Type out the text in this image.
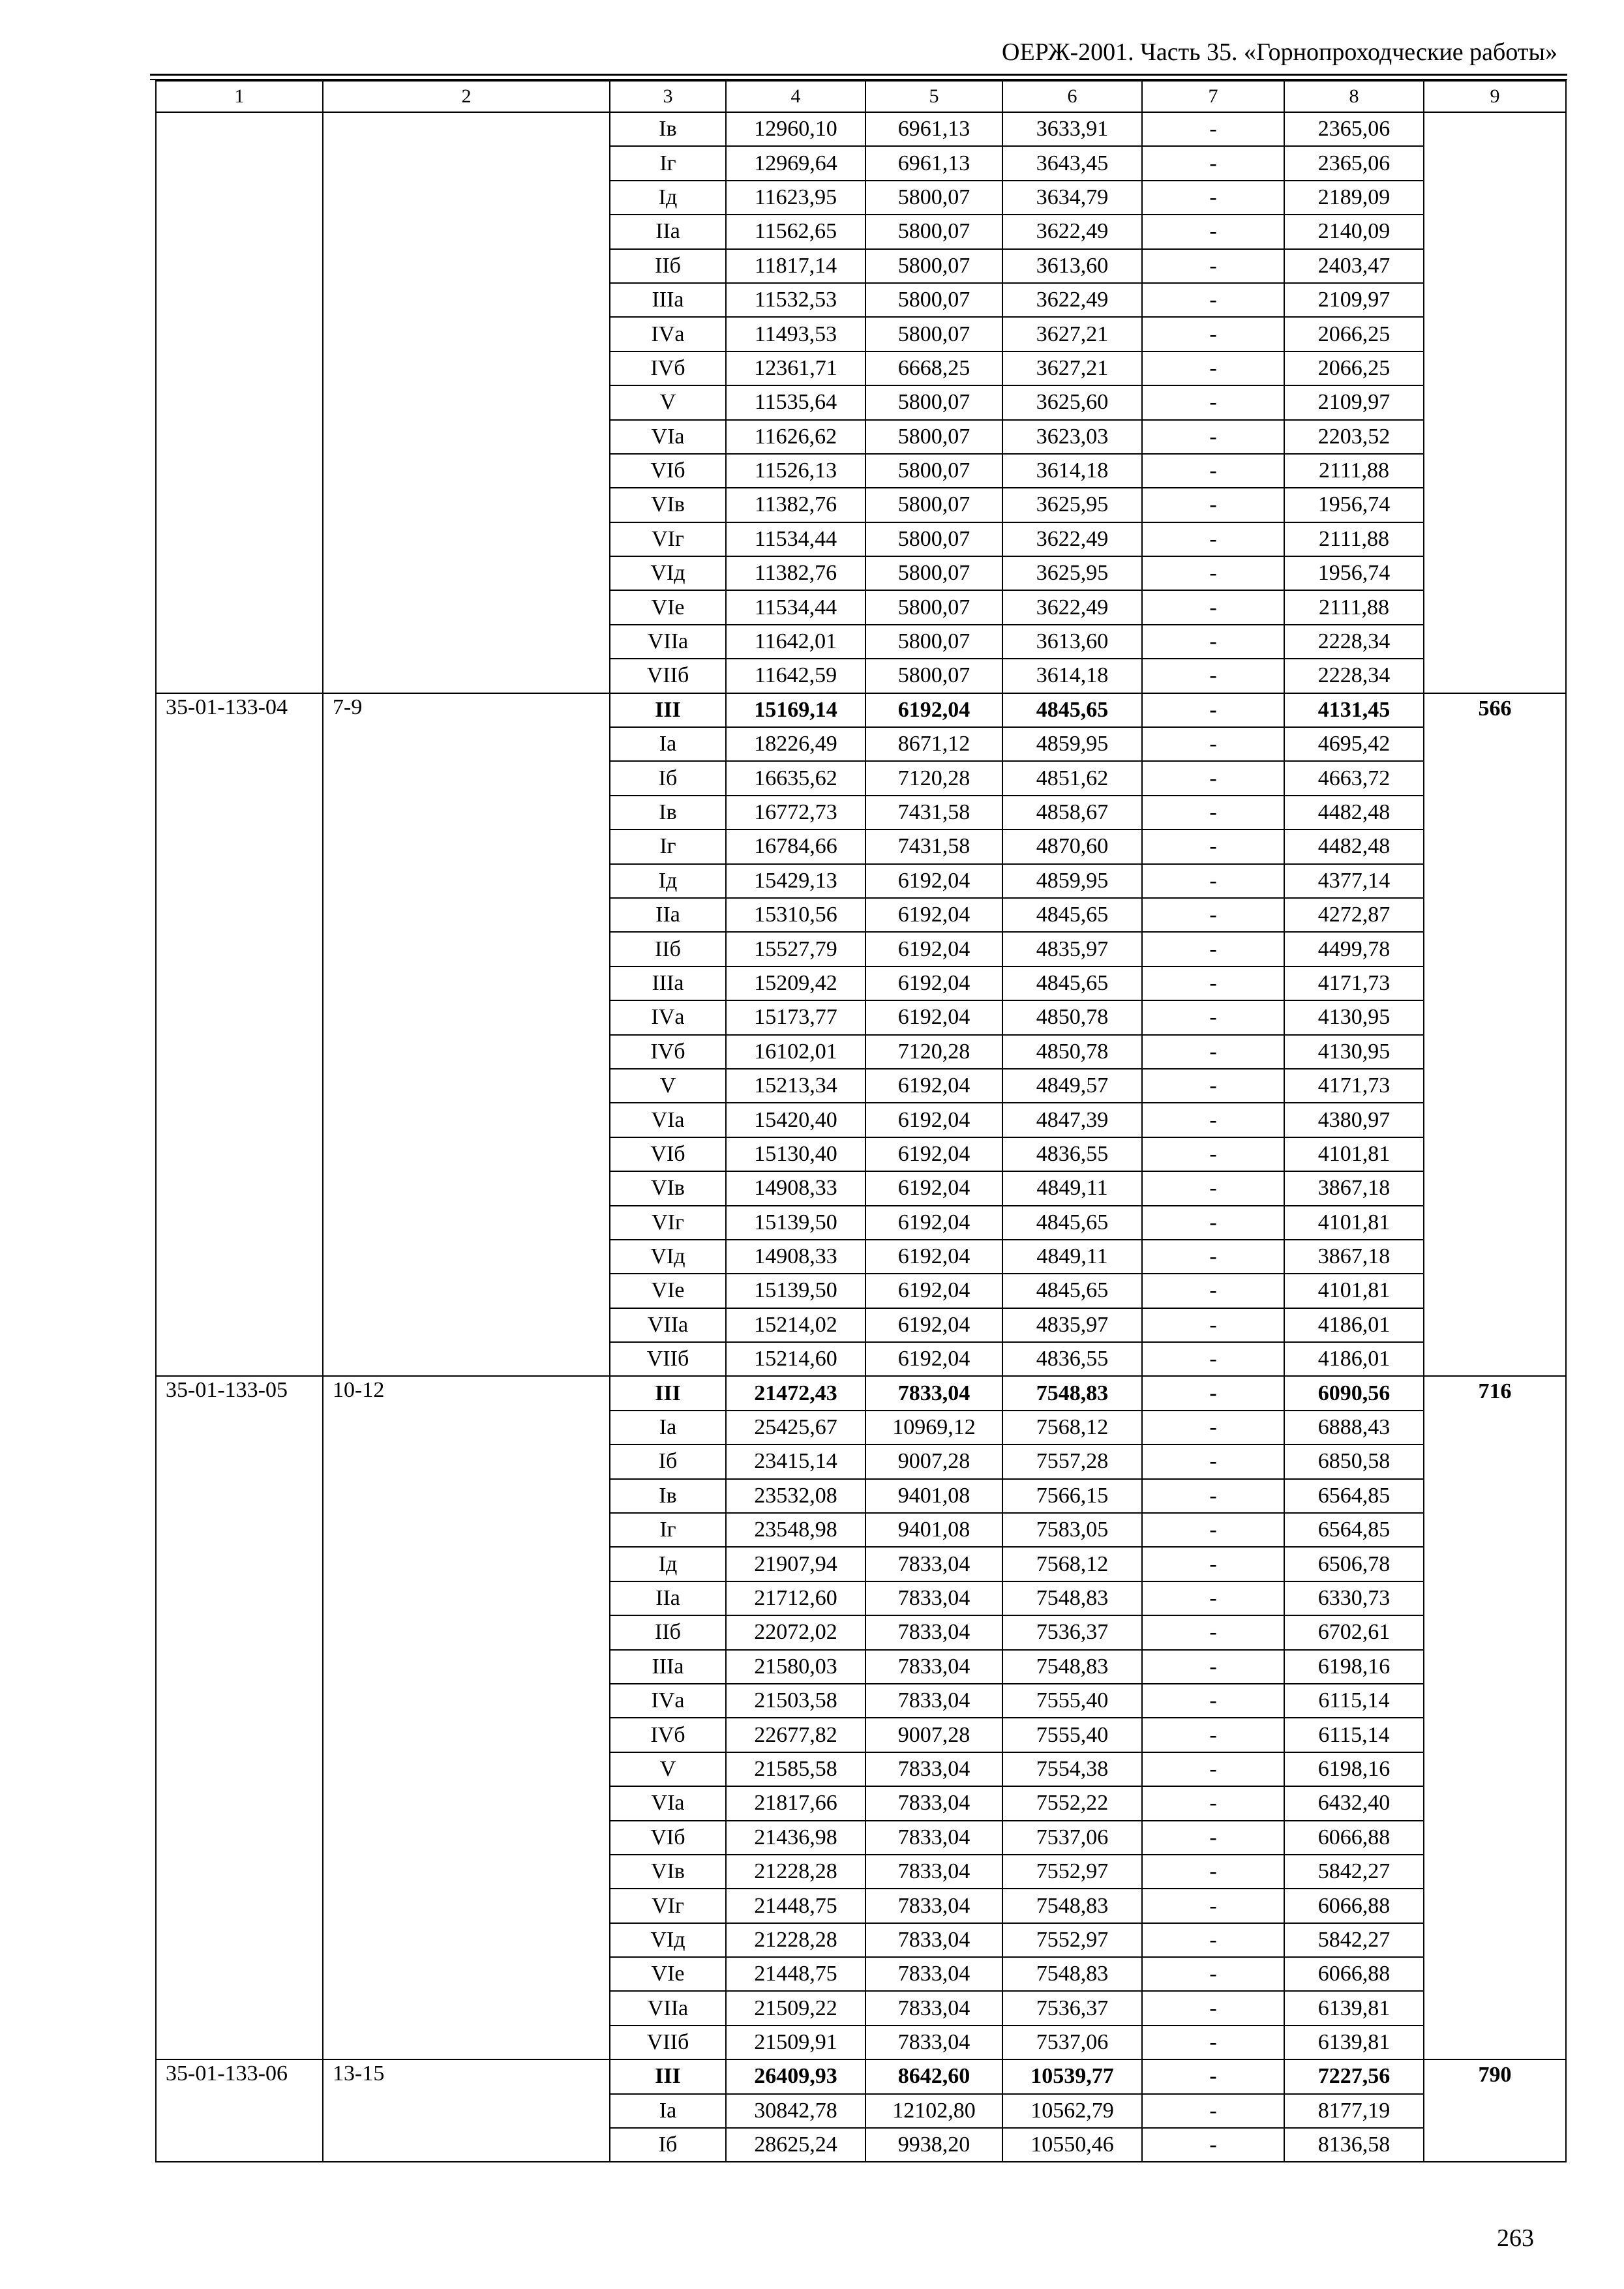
ОЕРЖ-2001. Часть 35. «Горнопроходческие работы»
1	2	3	4	5	6	7	8	9
		Iв	12960,10	6961,13	3633,91	-	2365,06	
		Iг	12969,64	6961,13	3643,45	-	2365,06	
		Iд	11623,95	5800,07	3634,79	-	2189,09	
		IIа	11562,65	5800,07	3622,49	-	2140,09	
		IIб	11817,14	5800,07	3613,60	-	2403,47	
		IIIа	11532,53	5800,07	3622,49	-	2109,97	
		IVа	11493,53	5800,07	3627,21	-	2066,25	
		IVб	12361,71	6668,25	3627,21	-	2066,25	
		V	11535,64	5800,07	3625,60	-	2109,97	
		VIа	11626,62	5800,07	3623,03	-	2203,52	
		VIб	11526,13	5800,07	3614,18	-	2111,88	
		VIв	11382,76	5800,07	3625,95	-	1956,74	
		VIг	11534,44	5800,07	3622,49	-	2111,88	
		VIд	11382,76	5800,07	3625,95	-	1956,74	
		VIе	11534,44	5800,07	3622,49	-	2111,88	
		VIIа	11642,01	5800,07	3613,60	-	2228,34	
		VIIб	11642,59	5800,07	3614,18	-	2228,34	
35-01-133-04	7-9	III	15169,14	6192,04	4845,65	-	4131,45	566
		Iа	18226,49	8671,12	4859,95	-	4695,42	
		Iб	16635,62	7120,28	4851,62	-	4663,72	
		Iв	16772,73	7431,58	4858,67	-	4482,48	
		Iг	16784,66	7431,58	4870,60	-	4482,48	
		Iд	15429,13	6192,04	4859,95	-	4377,14	
		IIа	15310,56	6192,04	4845,65	-	4272,87	
		IIб	15527,79	6192,04	4835,97	-	4499,78	
		IIIа	15209,42	6192,04	4845,65	-	4171,73	
		IVа	15173,77	6192,04	4850,78	-	4130,95	
		IVб	16102,01	7120,28	4850,78	-	4130,95	
		V	15213,34	6192,04	4849,57	-	4171,73	
		VIа	15420,40	6192,04	4847,39	-	4380,97	
		VIб	15130,40	6192,04	4836,55	-	4101,81	
		VIв	14908,33	6192,04	4849,11	-	3867,18	
		VIг	15139,50	6192,04	4845,65	-	4101,81	
		VIд	14908,33	6192,04	4849,11	-	3867,18	
		VIе	15139,50	6192,04	4845,65	-	4101,81	
		VIIа	15214,02	6192,04	4835,97	-	4186,01	
		VIIб	15214,60	6192,04	4836,55	-	4186,01	
35-01-133-05	10-12	III	21472,43	7833,04	7548,83	-	6090,56	716
		Iа	25425,67	10969,12	7568,12	-	6888,43	
		Iб	23415,14	9007,28	7557,28	-	6850,58	
		Iв	23532,08	9401,08	7566,15	-	6564,85	
		Iг	23548,98	9401,08	7583,05	-	6564,85	
		Iд	21907,94	7833,04	7568,12	-	6506,78	
		IIа	21712,60	7833,04	7548,83	-	6330,73	
		IIб	22072,02	7833,04	7536,37	-	6702,61	
		IIIа	21580,03	7833,04	7548,83	-	6198,16	
		IVа	21503,58	7833,04	7555,40	-	6115,14	
		IVб	22677,82	9007,28	7555,40	-	6115,14	
		V	21585,58	7833,04	7554,38	-	6198,16	
		VIа	21817,66	7833,04	7552,22	-	6432,40	
		VIб	21436,98	7833,04	7537,06	-	6066,88	
		VIв	21228,28	7833,04	7552,97	-	5842,27	
		VIг	21448,75	7833,04	7548,83	-	6066,88	
		VIд	21228,28	7833,04	7552,97	-	5842,27	
		VIе	21448,75	7833,04	7548,83	-	6066,88	
		VIIа	21509,22	7833,04	7536,37	-	6139,81	
		VIIб	21509,91	7833,04	7537,06	-	6139,81	
35-01-133-06	13-15	III	26409,93	8642,60	10539,77	-	7227,56	790
		Iа	30842,78	12102,80	10562,79	-	8177,19	
		Iб	28625,24	9938,20	10550,46	-	8136,58	
263
